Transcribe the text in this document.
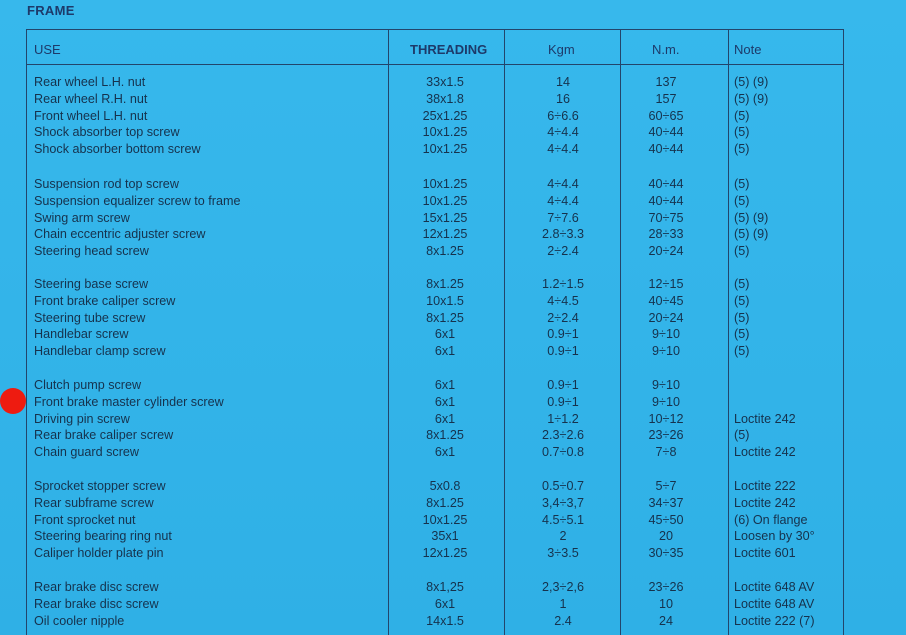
FRAME
USE	THREADING	Kgm	N.m.	Note
Rear wheel L.H. nut	33x1.5	14	137	(5) (9)
Rear wheel R.H. nut	38x1.8	16	157	(5) (9)
Front wheel L.H. nut	25x1.25	6÷6.6	60÷65	(5)
Shock absorber top screw	10x1.25	4÷4.4	40÷44	(5)
Shock absorber bottom screw	10x1.25	4÷4.4	40÷44	(5)
Suspension rod top screw	10x1.25	4÷4.4	40÷44	(5)
Suspension equalizer screw to frame	10x1.25	4÷4.4	40÷44	(5)
Swing arm screw	15x1.25	7÷7.6	70÷75	(5) (9)
Chain eccentric adjuster screw	12x1.25	2.8÷3.3	28÷33	(5) (9)
Steering head screw	8x1.25	2÷2.4	20÷24	(5)
Steering base screw	8x1.25	1.2÷1.5	12÷15	(5)
Front brake caliper screw	10x1.5	4÷4.5	40÷45	(5)
Steering tube screw	8x1.25	2÷2.4	20÷24	(5)
Handlebar screw	6x1	0.9÷1	9÷10	(5)
Handlebar clamp screw	6x1	0.9÷1	9÷10	(5)
Clutch pump screw	6x1	0.9÷1	9÷10
Front brake master cylinder screw	6x1	0.9÷1	9÷10
Driving pin screw	6x1	1÷1.2	10÷12	Loctite 242
Rear brake caliper screw	8x1.25	2.3÷2.6	23÷26	(5)
Chain guard screw	6x1	0.7÷0.8	7÷8	Loctite 242
Sprocket stopper screw	5x0.8	0.5÷0.7	5÷7	Loctite 222
Rear subframe screw	8x1.25	3,4÷3,7	34÷37	Loctite 242
Front sprocket nut	10x1.25	4.5÷5.1	45÷50	(6) On flange
Steering bearing ring nut	35x1	2	20	Loosen by 30°
Caliper holder plate pin	12x1.25	3÷3.5	30÷35	Loctite 601
Rear brake disc screw	8x1,25	2,3÷2,6	23÷26	Loctite 648 AV
Rear brake disc screw	6x1	1	10	Loctite 648 AV
Oil cooler nipple	14x1.5	2.4	24	Loctite 222 (7)
